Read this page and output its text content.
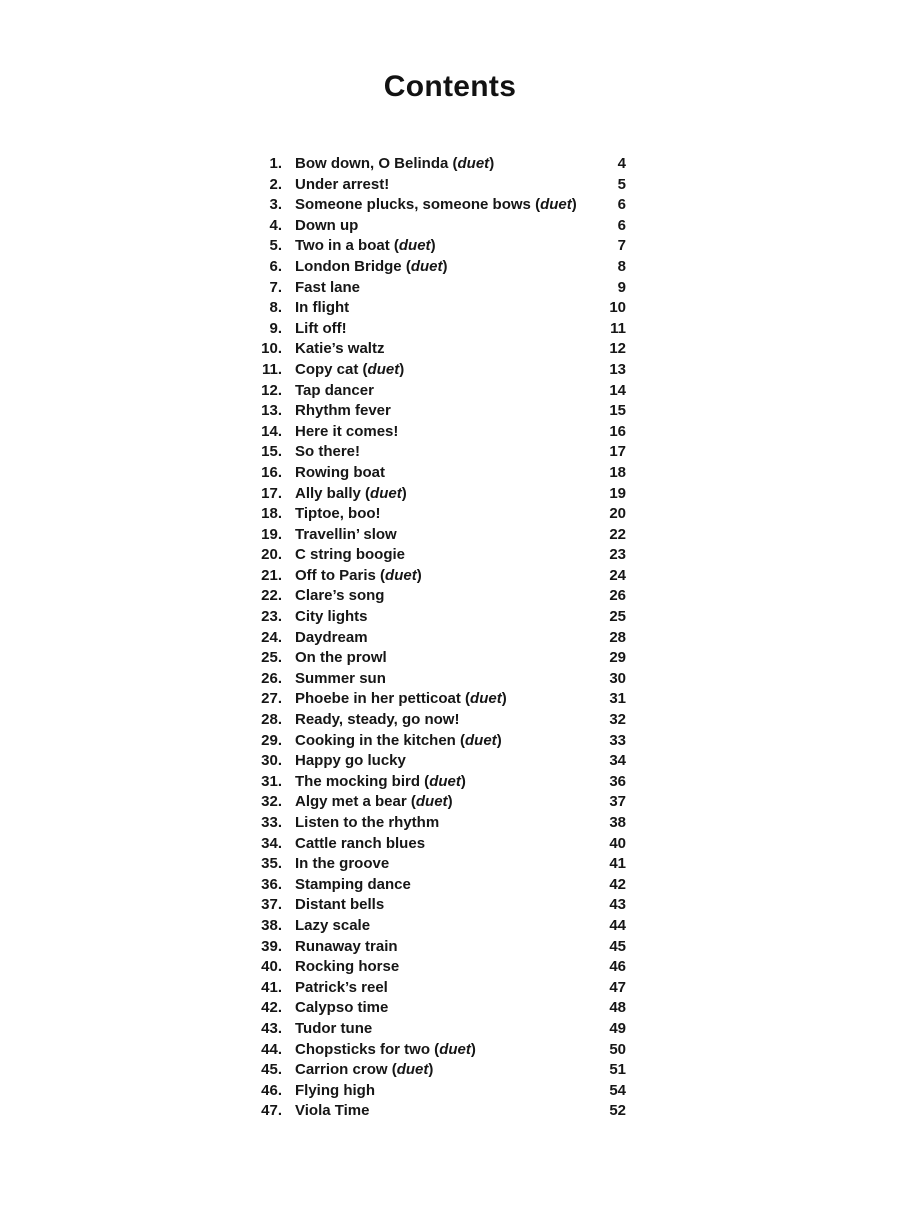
Contents
1. Bow down, O Belinda (duet)	4
2. Under arrest!	5
3. Someone plucks, someone bows (duet)	6
4. Down up	6
5. Two in a boat (duet)	7
6. London Bridge (duet)	8
7. Fast lane	9
8. In flight	10
9. Lift off!	11
10. Katie’s waltz	12
11. Copy cat (duet)	13
12. Tap dancer	14
13. Rhythm fever	15
14. Here it comes!	16
15. So there!	17
16. Rowing boat	18
17. Ally bally (duet)	19
18. Tiptoe, boo!	20
19. Travellin’ slow	22
20. C string boogie	23
21. Off to Paris (duet)	24
22. Clare’s song	26
23. City lights	25
24. Daydream	28
25. On the prowl	29
26. Summer sun	30
27. Phoebe in her petticoat (duet)	31
28. Ready, steady, go now!	32
29. Cooking in the kitchen (duet)	33
30. Happy go lucky	34
31. The mocking bird (duet)	36
32. Algy met a bear (duet)	37
33. Listen to the rhythm	38
34. Cattle ranch blues	40
35. In the groove	41
36. Stamping dance	42
37. Distant bells	43
38. Lazy scale	44
39. Runaway train	45
40. Rocking horse	46
41. Patrick’s reel	47
42. Calypso time	48
43. Tudor tune	49
44. Chopsticks for two (duet)	50
45. Carrion crow (duet)	51
46. Flying high	54
47. Viola Time	52
